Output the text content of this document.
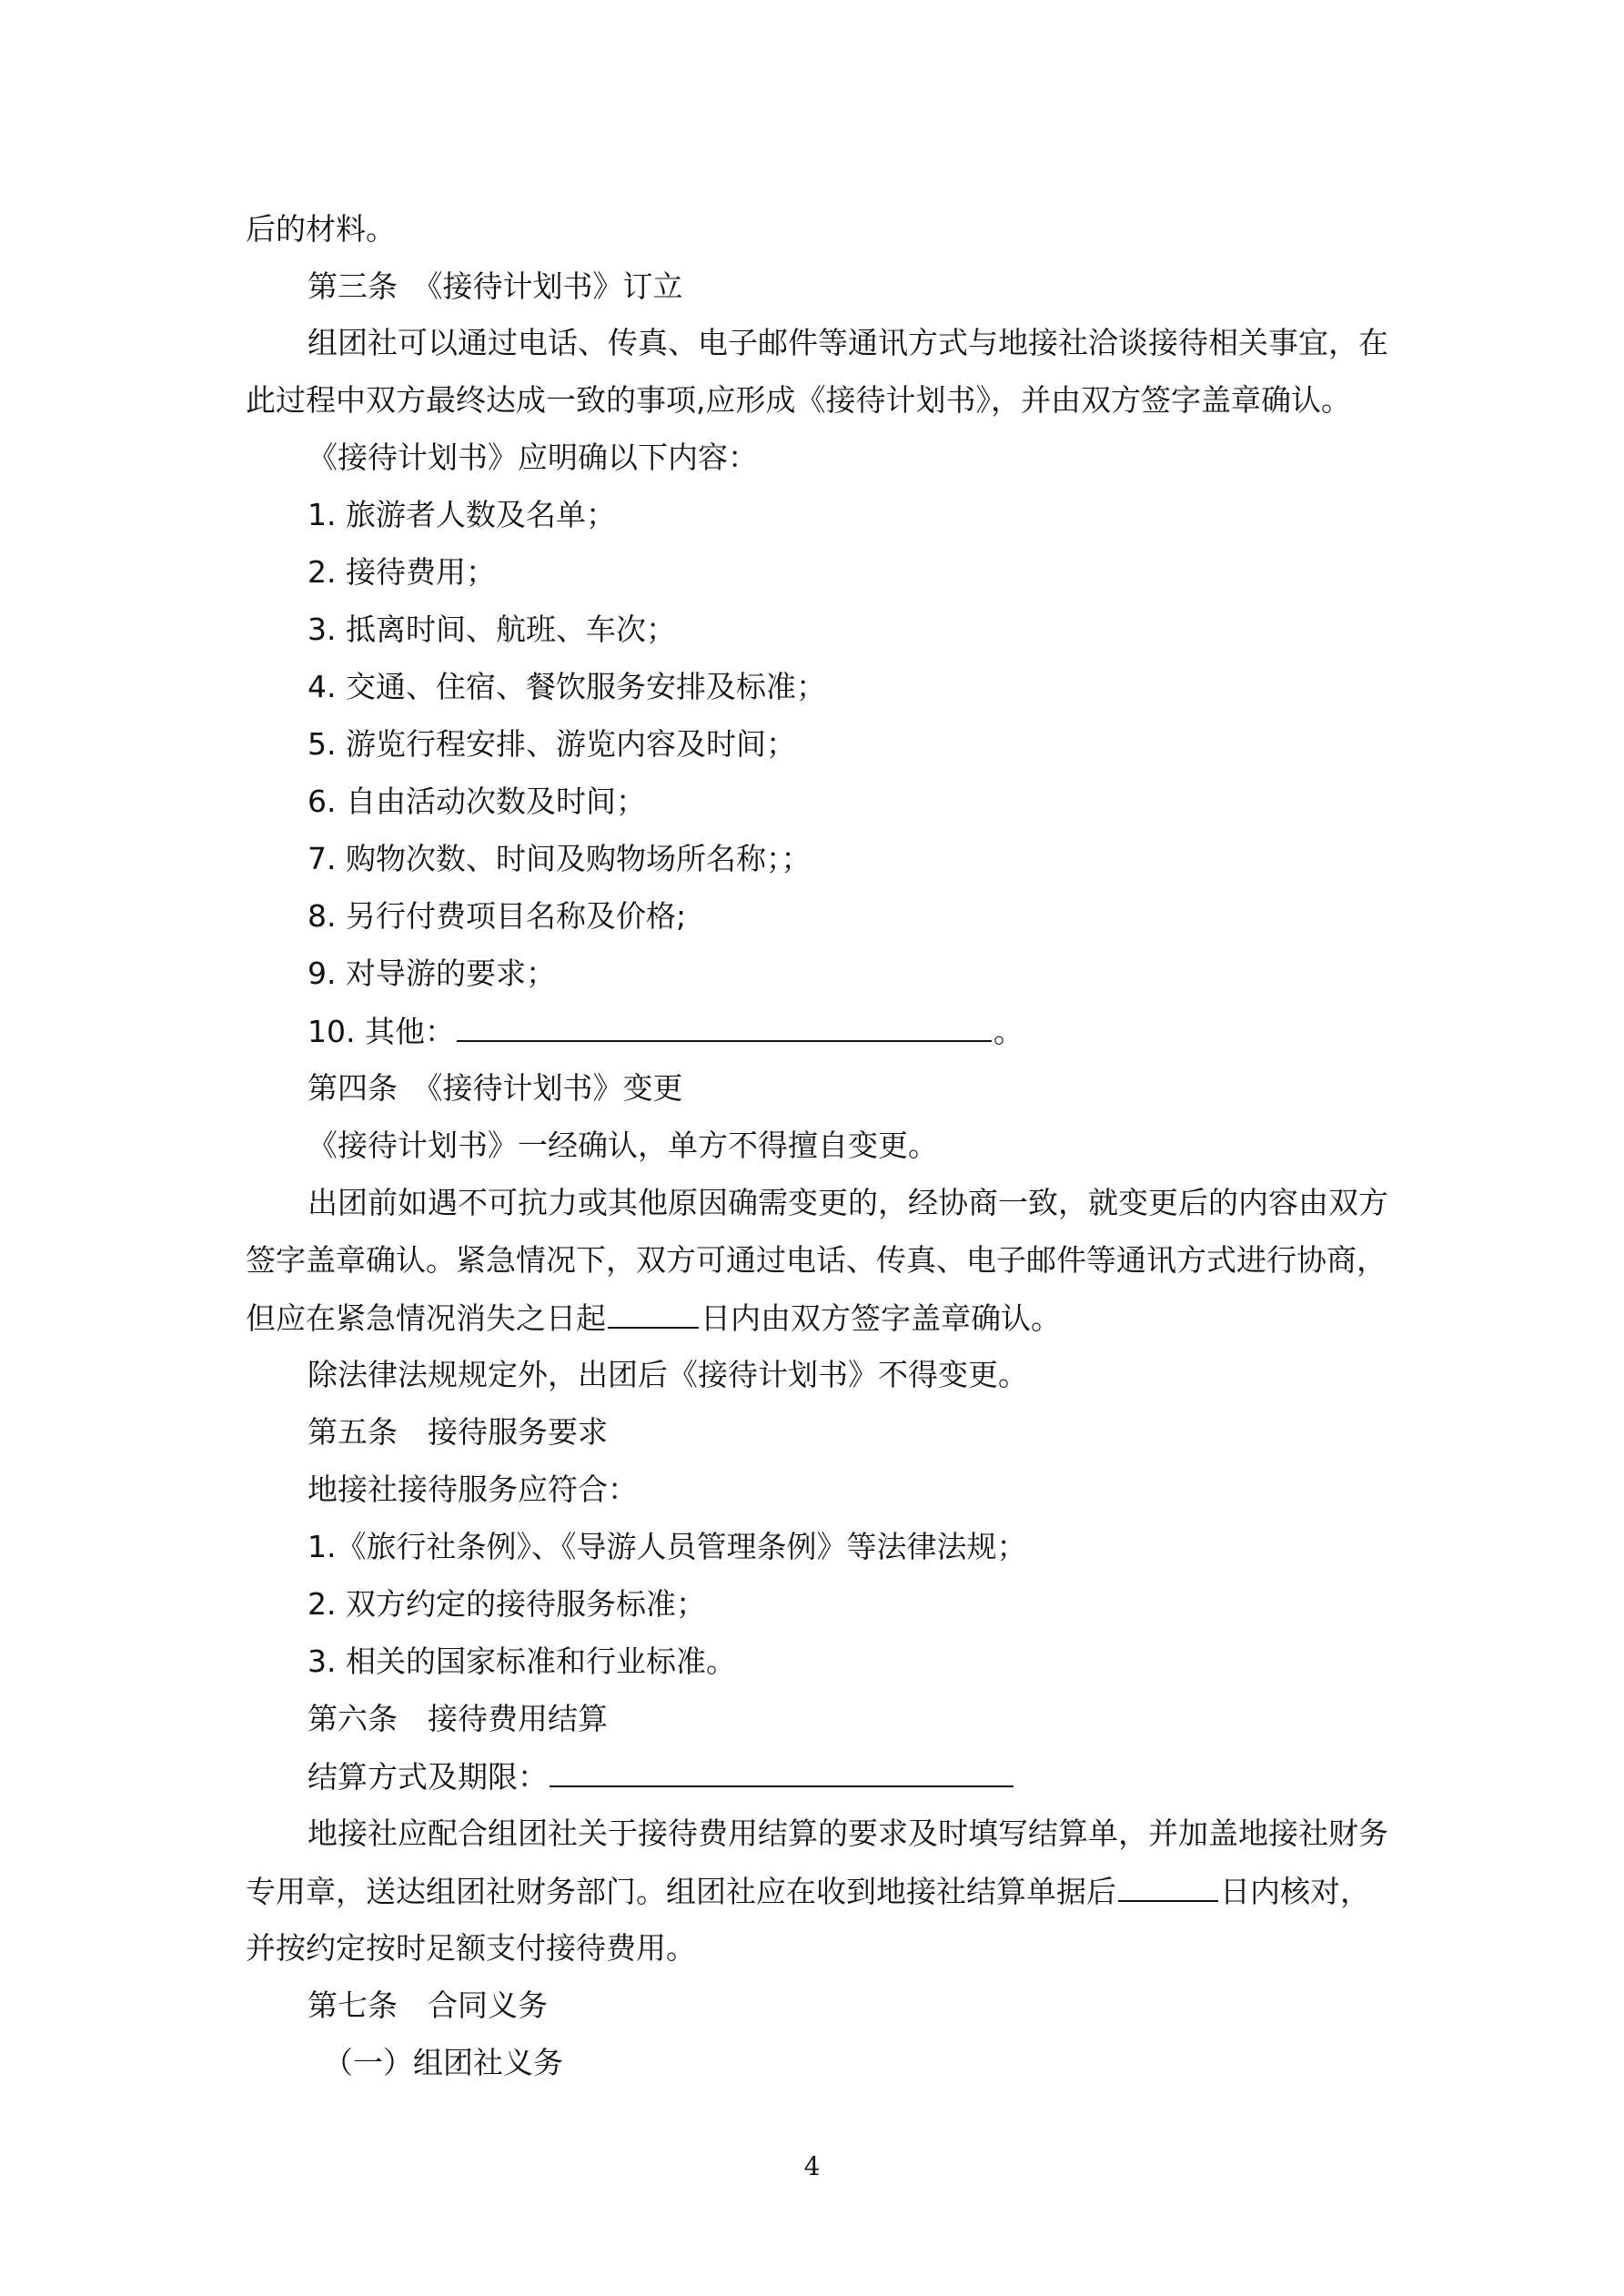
后的材料。
第三条　《接待计划书》订立
组团社可以通过电话、传真、电子邮件等通讯方式与地接社洽谈接待相关事宜，在
此过程中双方最终达成一致的事项,应形成《接待计划书》，并由双方签字盖章确认。
《接待计划书》应明确以下内容：
1. 旅游者人数及名单；
2. 接待费用；
3. 抵离时间、航班、车次；
4. 交通、住宿、餐饮服务安排及标准；
5. 游览行程安排、游览内容及时间；
6. 自由活动次数及时间；
7. 购物次数、时间及购物场所名称；；
8. 另行付费项目名称及价格;
9. 对导游的要求；
10. 其他：	。
第四条　《接待计划书》变更
《接待计划书》一经确认，单方不得擅自变更。
出团前如遇不可抗力或其他原因确需变更的，经协商一致，就变更后的内容由双方
签字盖章确认。紧急情况下，双方可通过电话、传真、电子邮件等通讯方式进行协商，
但应在紧急情况消失之日起	日内由双方签字盖章确认。
除法律法规规定外，出团后《接待计划书》不得变更。
第五条　接待服务要求
地接社接待服务应符合：
1.《旅行社条例》、《导游人员管理条例》等法律法规；
2. 双方约定的接待服务标准；
3. 相关的国家标准和行业标准。
第六条　接待费用结算
结算方式及期限：
地接社应配合组团社关于接待费用结算的要求及时填写结算单，并加盖地接社财务
专用章，送达组团社财务部门。组团社应在收到地接社结算单据后	日内核对，
并按约定按时足额支付接待费用。
第七条　合同义务
（一）组团社义务
4
